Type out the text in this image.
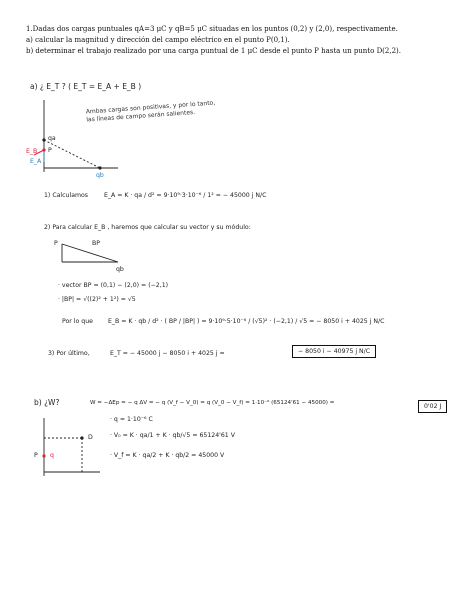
1.Dadas dos cargas puntuales qA=3 μC y qB=5 μC situadas en los puntos (0,2) y (2,0), respectivamente.
a) calcular la magnitud y dirección del campo eléctrico en el punto P(0,1).
b) determinar el trabajo realizado por una carga puntual de 1 μC desde el punto P hasta un punto D(2,2).
a) ¿ E_T ? ( E_T = E_A + E_B )
qa
P
qb
E_B
E_A
Ambas cargas son positivas, y por lo tanto, las líneas de campo serán salientes.
1) Calculamos	E_A = K · qa / d² = 9·10⁹·3·10⁻⁶ / 1² = − 45000 j N/C
2) Para calcular E_B , haremos que calcular su vector y su módulo:
BP
qb
P
· vector BP = (0,1) − (2,0) = (−2,1)
· |BP| = √((2)² + 1²) = √5
Por lo que E_B = K · qb / d² · ( BP / |BP| ) = 9·10⁹·5·10⁻⁶ / (√5)² · (−2,1) / √5 = − 8050 i + 4025 j N/C
3) Por último,	E_T = − 45000 j − 8050 i + 4025 j =	− 8050 i − 40975 j N/C
b) ¿W?	W = −ΔEp = − q ΔV = − q (V_f − V_0) = q (V_0 − V_f) = 1·10⁻⁶ (65124'61 − 45000) =	0'02 J
D
P q
· q = 1·10⁻⁶ C
· V₀ = K · qa/1 + K · qb/√5 = 65124'61 V
· V_f = K · qa/2 + K · qb/2 = 45000 V
